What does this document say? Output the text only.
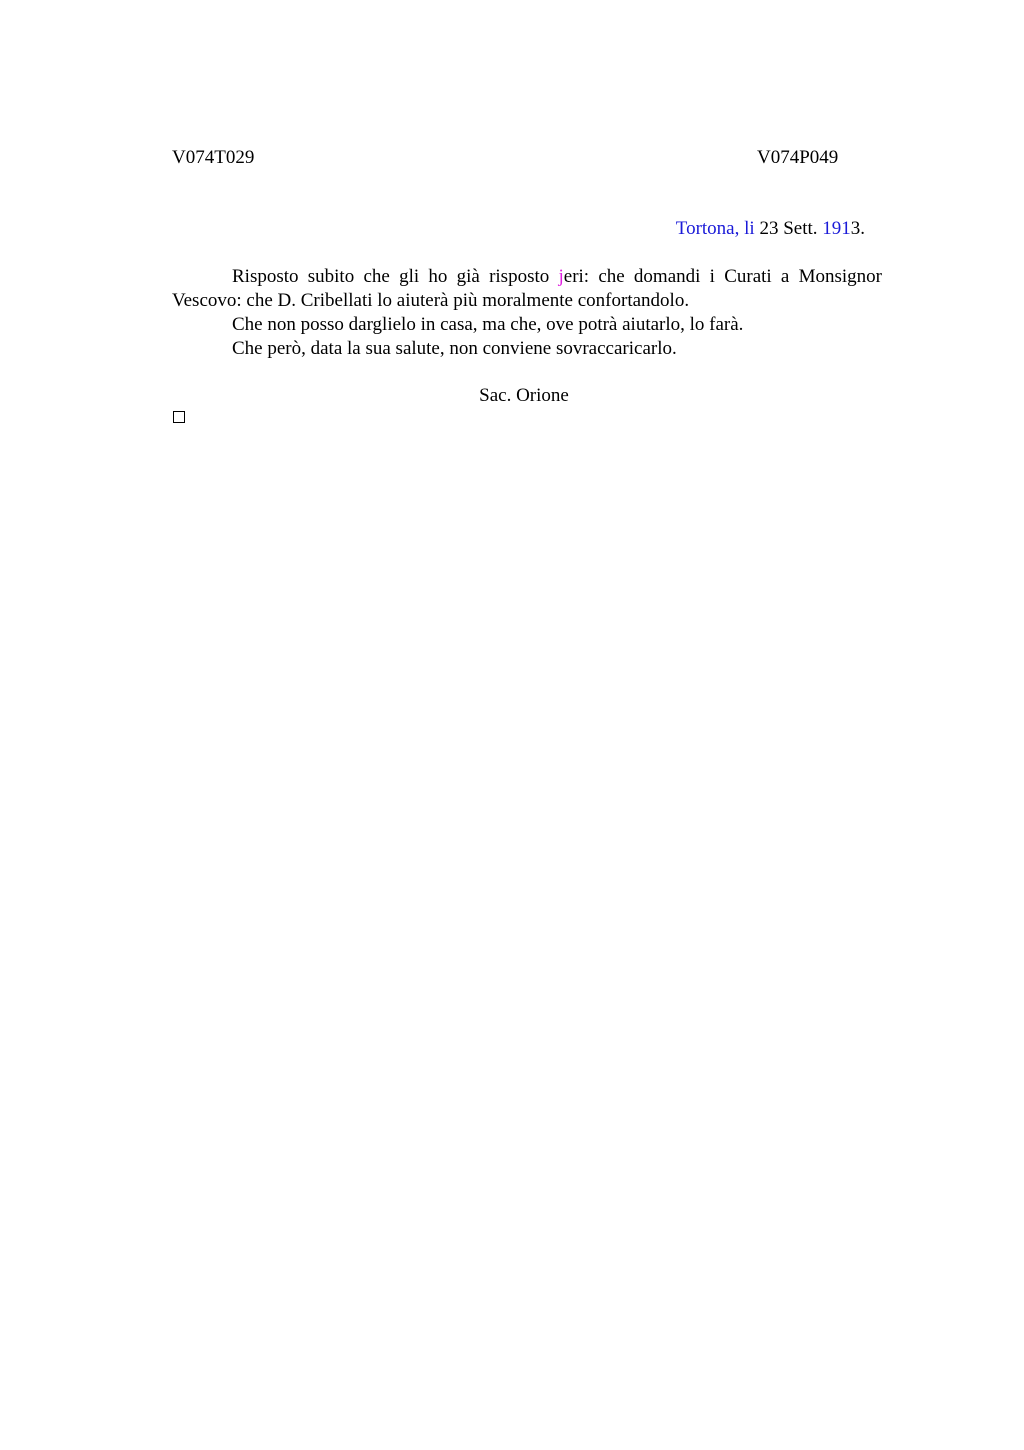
V074T029	V074P049
Tortona, li 23 Sett. 1913.

Risposto subito che gli ho già risposto jeri: che domandi i Curati a Monsignor Vescovo: che D. Cribellati lo aiuterà più moralmente confortandolo.

Che non posso darglielo in casa, ma che, ove potrà aiutarlo, lo farà.

Che però, data la sua salute, non conviene sovraccaricarlo.

Sac. Orione
